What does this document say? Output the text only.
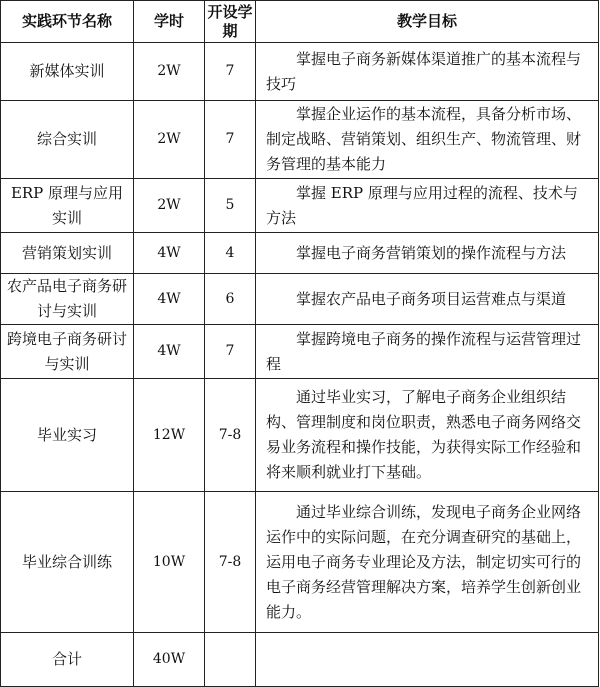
实践环节名称	学时	开设学期	教学目标
新媒体实训	2W	7	掌握电子商务新媒体渠道推广的基本流程与技巧
综合实训	2W	7	掌握企业运作的基本流程，具备分析市场、制定战略、营销策划、组织生产、物流管理、财务管理的基本能力
ERP 原理与应用实训	2W	5	掌握 ERP 原理与应用过程的流程、技术与方法
营销策划实训	4W	4	掌握电子商务营销策划的操作流程与方法
农产品电子商务研讨与实训	4W	6	掌握农产品电子商务项目运营难点与渠道
跨境电子商务研讨与实训	4W	7	掌握跨境电子商务的操作流程与运营管理过程
毕业实习	12W	7-8	通过毕业实习，了解电子商务企业组织结构、管理制度和岗位职责，熟悉电子商务网络交易业务流程和操作技能，为获得实际工作经验和将来顺利就业打下基础。
毕业综合训练	10W	7-8	通过毕业综合训练，发现电子商务企业网络运作中的实际问题，在充分调查研究的基础上，运用电子商务专业理论及方法，制定切实可行的电子商务经营管理解决方案，培养学生创新创业能力。
合计	40W		
